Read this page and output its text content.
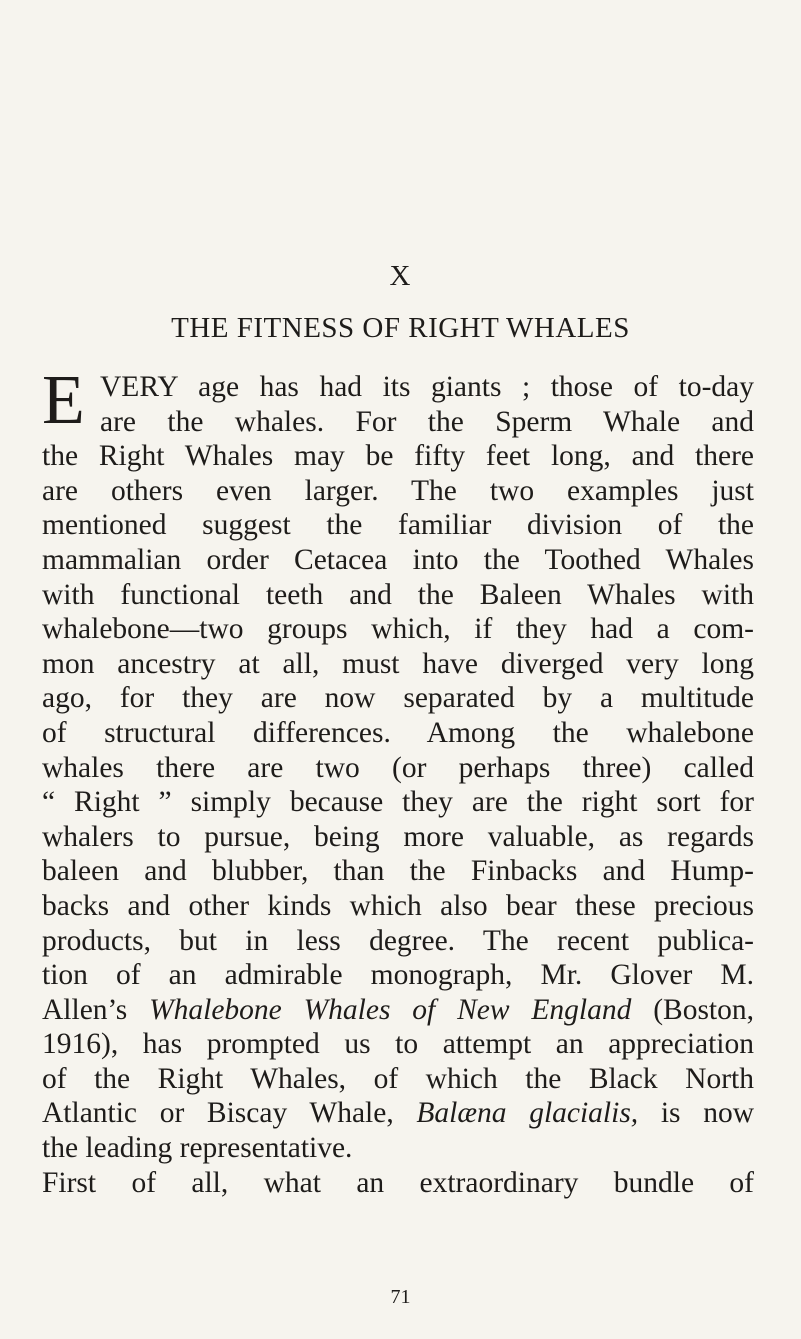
X
THE FITNESS OF RIGHT WHALES
E VERY age has had its giants ; those of to-day
are the whales. For the Sperm Whale and
the Right Whales may be fifty feet long, and there
are others even larger. The two examples just
mentioned suggest the familiar division of the
mammalian order Cetacea into the Toothed Whales
with functional teeth and the Baleen Whales with
whalebone—two groups which, if they had a com-
mon ancestry at all, must have diverged very long
ago, for they are now separated by a multitude
of structural differences. Among the whalebone
whales there are two (or perhaps three) called
“ Right ” simply because they are the right sort for
whalers to pursue, being more valuable, as regards
baleen and blubber, than the Finbacks and Hump-
backs and other kinds which also bear these precious
products, but in less degree. The recent publica-
tion of an admirable monograph, Mr. Glover M.
Allen’s Whalebone Whales of New England (Boston,
1916), has prompted us to attempt an appreciation
of the Right Whales, of which the Black North
Atlantic or Biscay Whale, Balæna glacialis, is now
the leading representative.
First of all, what an extraordinary bundle of
71
